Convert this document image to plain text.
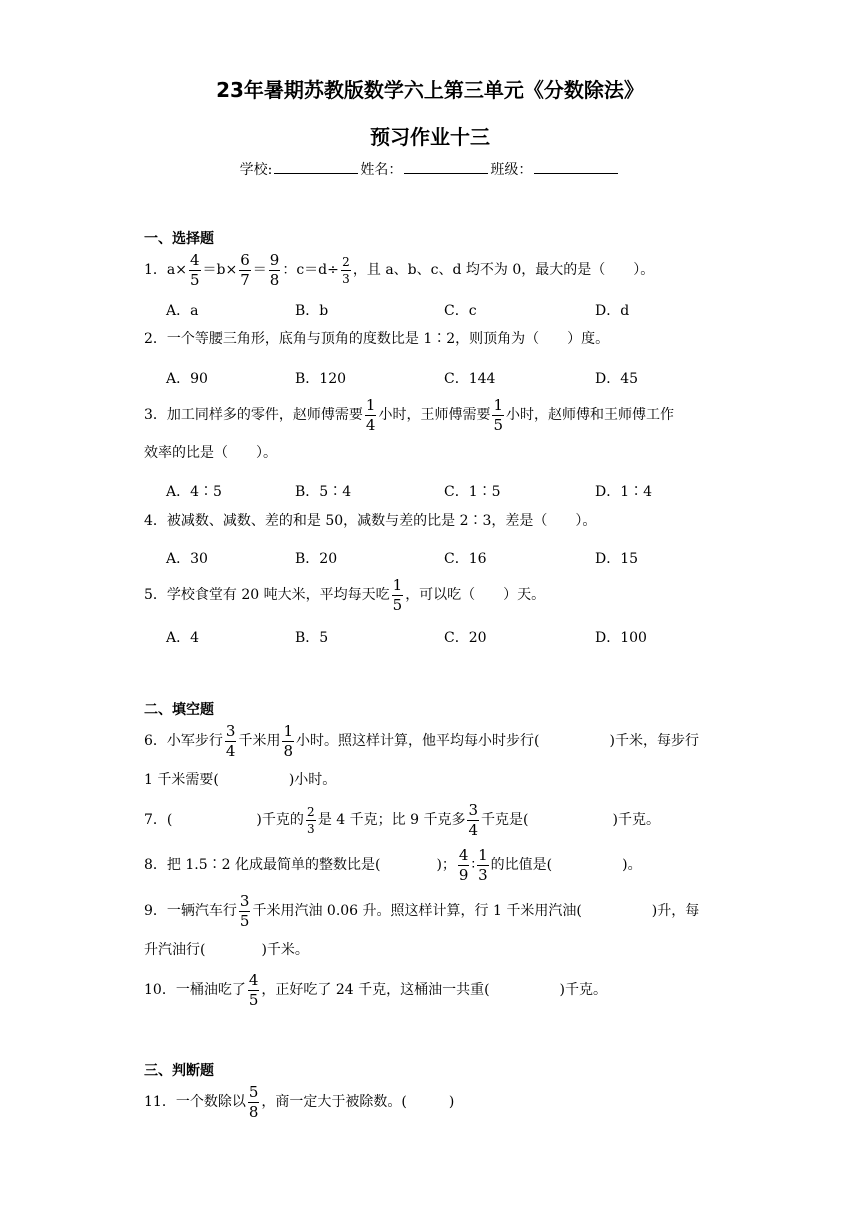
23年暑期苏教版数学六上第三单元《分数除法》
预习作业十三
学校:	姓名：	班级：
一、选择题
1． $a\times \frac{4}{5} =b\times \frac{6}{7} = \frac{9}{8}$ ：$c=d\div \frac{2}{3}$ ，且 a、b、c、d 均不为 0，最大的是（　　）。
A．a	B．b	C．c	D．d
2．一个等腰三角形，底角与顶角的度数比是 1∶2，则顶角为（　　）度。
A．90	B．120	C．144	D．45
3． 加工同样多的零件，赵师傅需要 $\frac{1}{4}$ 小时，王师傅需要 $\frac{1}{5}$ 小时，赵师傅和王师傅工作
效率的比是（　　）。
A．4∶5	B．5∶4	C．1∶5	D．1∶4
4．被减数、减数、差的和是 50，减数与差的比是 2∶3，差是（　　）。
A．30	B．20	C．16	D．15
5． 学校食堂有 20 吨大米，平均每天吃 $\frac{1}{5}$ ，可以吃（　　）天。
A．4	B．5	C．20	D．100
二、填空题
6． 小军步行 $\frac{3}{4}$ 千米用 $\frac{1}{8}$ 小时。照这样计算，他平均每小时步行(　　　　　)千米，每步行
1 千米需要(　　　　　)小时。
7． (　　　　　　)千克的 $\frac{2}{3}$ 是 4 千克；比 9 千克多 $\frac{3}{4}$ 千克是(　　　　　　)千克。
8． 把 1.5∶2 化成最简单的整数比是(　　　　)； $\frac{4}{9}$ ∶ $\frac{1}{3}$ 的比值是(　　　　　)。
9． 一辆汽车行 $\frac{3}{5}$ 千米用汽油 0.06 升。照这样计算，行 1 千米用汽油(　　　　　)升，每
升汽油行(　　　　)千米。
10． 一桶油吃了 $\frac{4}{5}$ ，正好吃了 24 千克，这桶油一共重(　　　　　)千克。
三、判断题
11． 一个数除以 $\frac{5}{8}$ ，商一定大于被除数。(　　　)
